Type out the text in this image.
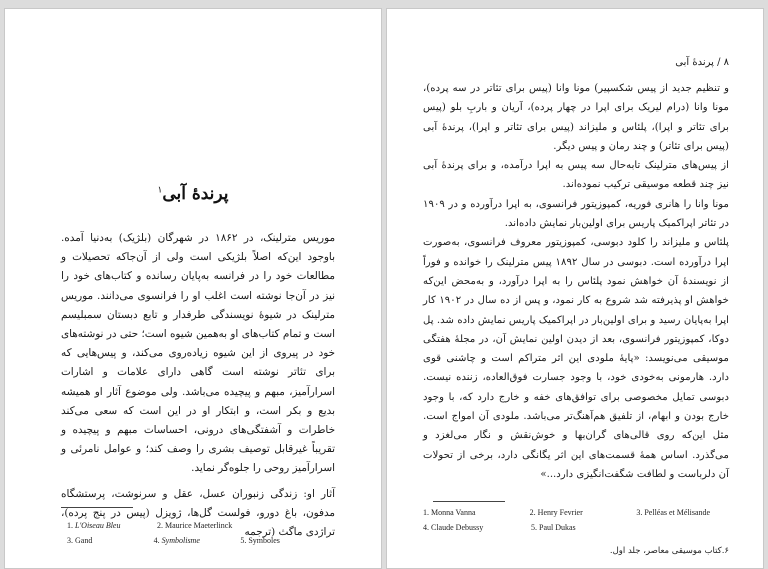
پرندهٔ آبی$^۱$

موریس مترلینک، در ۱۸۶۲ در شهرگان (بلژیک) به‌دنیا آمده. باوجود این‌که اصلاً بلژیکی است ولی از آن‌جاکه تحصیلات و مطالعات خود را در فرانسه به‌پایان رسانده و کتاب‌های خود را نیز در آن‌جا نوشته است اغلب او را فرانسوی می‌دانند. موریس مترلینک در شیوهٔ نویسندگی طرفدار و تابع دبستان سمبلیسم است و تمام کتاب‌های او به‌همین شیوه است؛ حتی در نوشته‌های خود در پیروی از این شیوه زیاده‌روی می‌کند، و پیس‌هایی که برای تئاتر نوشته است گاهی دارای علامات و اشارات اسرارآمیز، مبهم و پیچیده می‌باشد. ولی موضوع آثار او همیشه بدیع و بکر است، و ابتکار او در این است که سعی می‌کند خاطرات و آشفتگی‌های درونی، احساسات مبهم و پیچیده و تقریباً غیرقابل توصیف بشری را وصف کند؛ و عوامل نامرئی و اسرارآمیز روحی را جلوه‌گر نماید.

آثار او: زندگی زنبوران عسل، عقل و سرنوشت، پرستشگاه مدفون، باغ دورو، فولست گل‌ها، ژویزل (پیس در پنج پرده)، تراژدی ماگث (ترجمه

1. L'Oiseau Bleu	2. Maurice Maeterlinck
3. Gand	4. Symbolisme	5. Symboles
۸ / پرندهٔ آبی

و تنظیم جدید از پیس شکسپیر) مونا وانا (پیس برای تئاتر در سه پرده)، مونا وانا (درام لیریک برای اپرا در چهار پرده)، آریان و باربِ بلو (پیس برای تئاتر و اپرا)، پلئاس و ملیزاند (پیس برای تئاتر و اپرا)، پرندهٔ آبی (پیس برای تئاتر) و چند رمان و پیس دیگر.

از پیس‌های مترلینک تابه‌حال سه پیس به اپرا درآمده، و برای پرندهٔ آبی نیز چند قطعه موسیقی ترکیب نموده‌اند.

مونا وانا را هانری فوریه، کمپوزیتور فرانسوی، به اپرا درآورده و در ۱۹۰۹ در تئاتر اپراکمیک پاریس برای اولین‌بار نمایش داده‌اند.

پلئاس و ملیزاند را کلود دبوسی، کمپوزیتور معروف فرانسوی، به‌صورت اپرا درآورده است. دبوسی در سال ۱۸۹۲ پیس مترلینک را خوانده و فوراً از نویسندهٔ آن خواهش نمود پلئاس را به اپرا درآورد، و به‌محض این‌که خواهش او پذیرفته شد شروع به کار نمود، و پس از ده سال در ۱۹۰۲ کار اپرا به‌پایان رسید و برای اولین‌بار در اپراکمیک پاریس نمایش داده شد. پل دوکا، کمپوزیتور فرانسوی، بعد از دیدن اولین نمایش آن، در مجلهٔ هفتگی موسیقی می‌نویسد: «پایهٔ ملودی این اثر متراکم است و چاشنی قوی دارد. هارمونی به‌خودی خود، با وجود جسارت فوق‌العاده، زننده نیست. دبوسی تمایل مخصوصی برای توافق‌های خفه و خارج دارد که، با وجود خارج بودن و ابهام، از تلفیق هم‌آهنگ‌تر می‌باشد. ملودی آن امواج است. مثل این‌که روی قالی‌های گران‌بها و خوش‌نقش و نگار می‌لغزد و می‌گذرد. اساس همهٔ قسمت‌های این اثر یگانگی دارد، برخی از تحولات آن دلرباست و لطافت شگفت‌انگیزی دارد...»

1. Monna Vanna	2. Henry Fevrier	3. Pelléas et Mélisande
4. Claude Debussy	5. Paul Dukas
۶.کتاب موسیقی معاصر، جلد اول.
